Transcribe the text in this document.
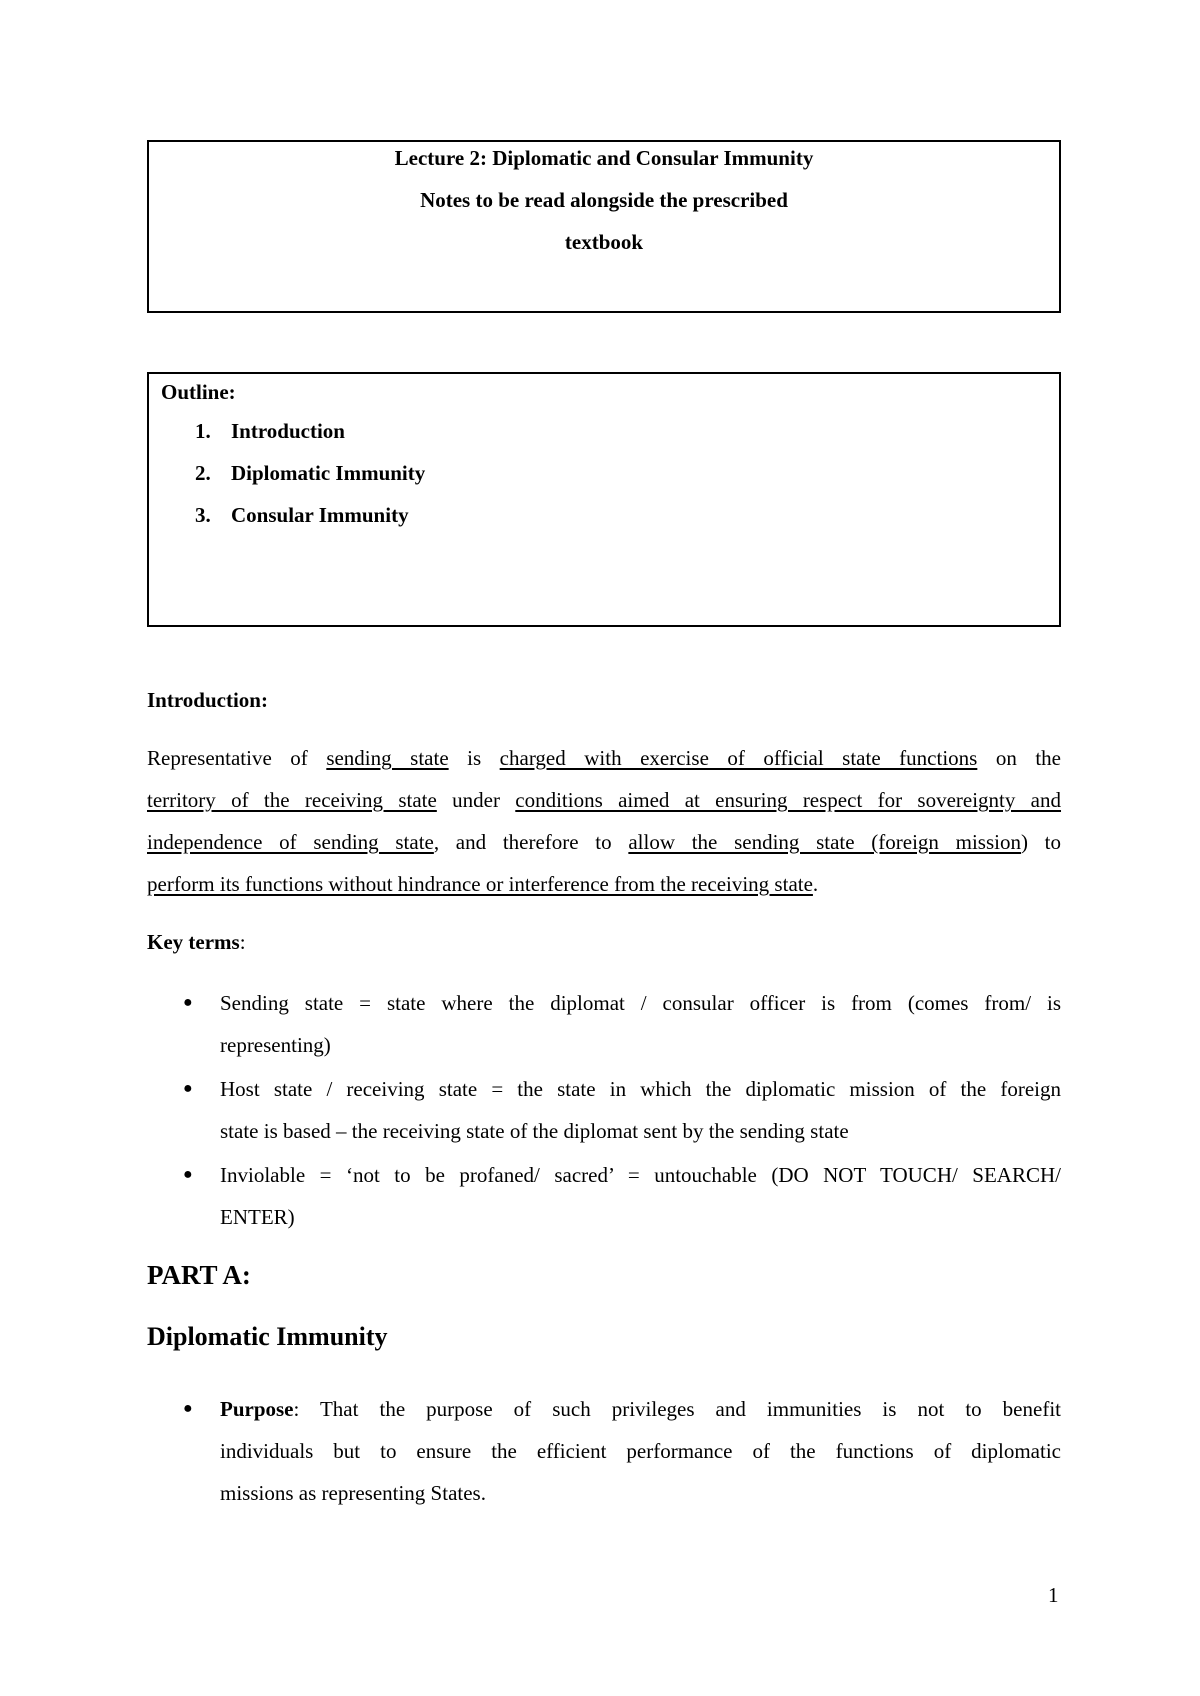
Lecture 2: Diplomatic and Consular Immunity
Notes to be read alongside the prescribed
textbook
Outline:
1. Introduction
2. Diplomatic Immunity
3. Consular Immunity
Introduction:
Representative of sending state is charged with exercise of official state functions on the
territory of the receiving state under conditions aimed at ensuring respect for sovereignty and
independence of sending state, and therefore to allow the sending state (foreign mission) to
perform its functions without hindrance or interference from the receiving state.
Key terms:
● Sending state = state where the diplomat / consular officer is from (comes from/ is
representing)
● Host state / receiving state = the state in which the diplomatic mission of the foreign
state is based – the receiving state of the diplomat sent by the sending state
● Inviolable = ‘not to be profaned/ sacred’ = untouchable (DO NOT TOUCH/ SEARCH/
ENTER)
PART A:
Diplomatic Immunity
● Purpose: That the purpose of such privileges and immunities is not to benefit
individuals but to ensure the efficient performance of the functions of diplomatic
missions as representing States.
1
